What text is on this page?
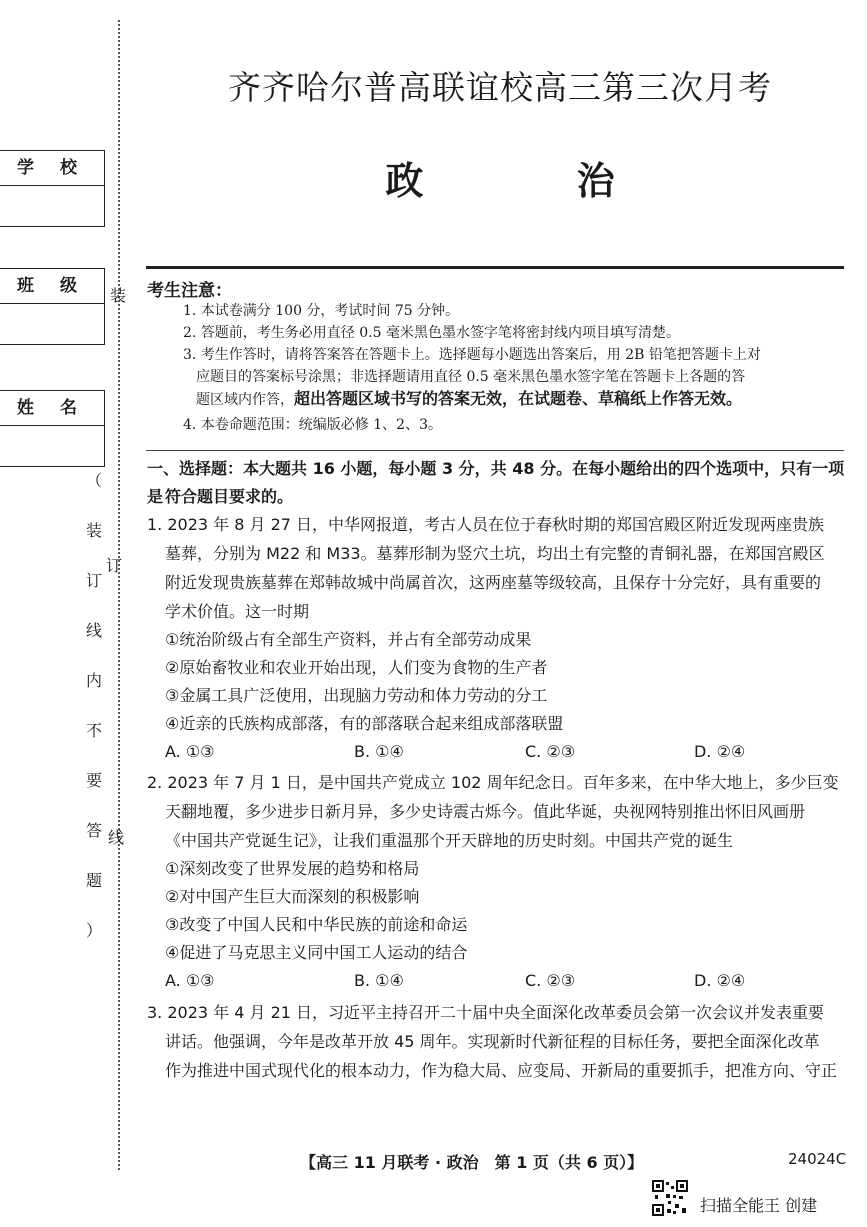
学 校
班 级
姓 名
装
订
线
（
装
订
线
内
不
要
答
题
）
齐齐哈尔普高联谊校高三第三次月考
政 治
考生注意：
1. 本试卷满分 100 分，考试时间 75 分钟。
2. 答题前，考生务必用直径 0.5 毫米黑色墨水签字笔将密封线内项目填写清楚。
3. 考生作答时，请将答案答在答题卡上。选择题每小题选出答案后，用 2B 铅笔把答题卡上对
应题目的答案标号涂黑；非选择题请用直径 0.5 毫米黑色墨水签字笔在答题卡上各题的答
题区域内作答，超出答题区域书写的答案无效，在试题卷、草稿纸上作答无效。
4. 本卷命题范围：统编版必修 1、2、3。
一、选择题：本大题共 16 小题，每小题 3 分，共 48 分。在每小题给出的四个选项中，只有一项是 符合题目要求的。
1. 2023 年 8 月 27 日，中华网报道，考古人员在位于春秋时期的郑国宫殿区附近发现两座贵族
墓葬，分别为 M22 和 M33。墓葬形制为竖穴土坑，均出土有完整的青铜礼器，在郑国宫殿区
附近发现贵族墓葬在郑韩故城中尚属首次，这两座墓等级较高，且保存十分完好，具有重要的
学术价值。这一时期
①统治阶级占有全部生产资料，并占有全部劳动成果
②原始畜牧业和农业开始出现，人们变为食物的生产者
③金属工具广泛使用，出现脑力劳动和体力劳动的分工
④近亲的氏族构成部落，有的部落联合起来组成部落联盟
A. ①③	B. ①④	C. ②③	D. ②④
2. 2023 年 7 月 1 日，是中国共产党成立 102 周年纪念日。百年多来，在中华大地上，多少巨变
天翻地覆，多少进步日新月异，多少史诗震古烁今。值此华诞，央视网特别推出怀旧风画册
《中国共产党诞生记》，让我们重温那个开天辟地的历史时刻。中国共产党的诞生
①深刻改变了世界发展的趋势和格局
②对中国产生巨大而深刻的积极影响
③改变了中国人民和中华民族的前途和命运
④促进了马克思主义同中国工人运动的结合
A. ①③	B. ①④	C. ②③	D. ②④
3. 2023 年 4 月 21 日，习近平主持召开二十届中央全面深化改革委员会第一次会议并发表重要
讲话。他强调，今年是改革开放 45 周年。实现新时代新征程的目标任务，要把全面深化改革
作为推进中国式现代化的根本动力，作为稳大局、应变局、开新局的重要抓手，把准方向、守正
【高三 11 月联考 · 政治　第 1 页（共 6 页）】	24024C
扫描全能王 创建
